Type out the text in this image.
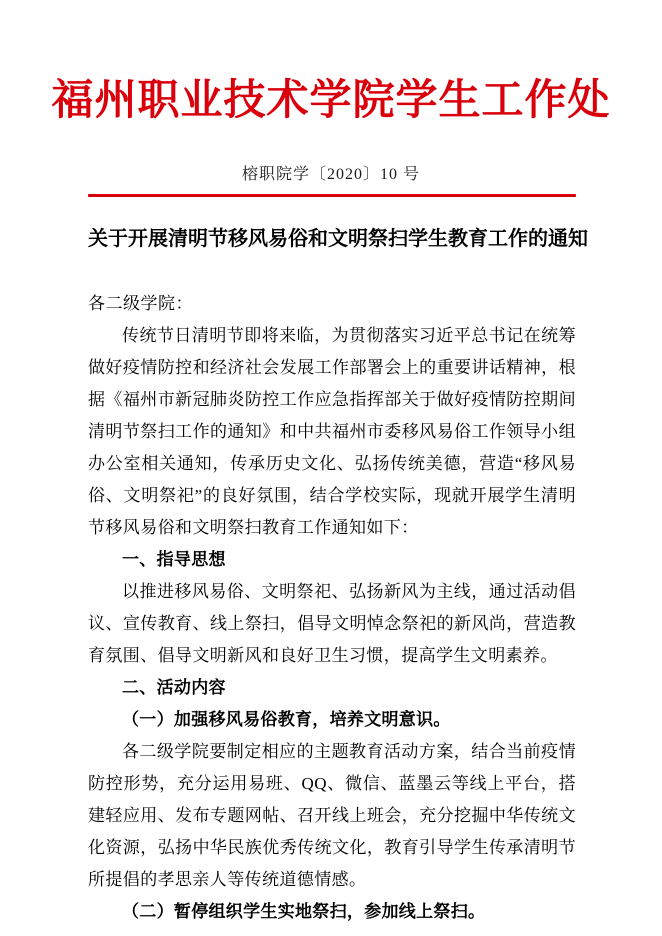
福州职业技术学院学生工作处
榕职院学〔2020〕10 号
关于开展清明节移风易俗和文明祭扫学生教育工作的通知
各二级学院：

传统节日清明节即将来临，为贯彻落实习近平总书记在统筹做好疫情防控和经济社会发展工作部署会上的重要讲话精神，根据《福州市新冠肺炎防控工作应急指挥部关于做好疫情防控期间清明节祭扫工作的通知》和中共福州市委移风易俗工作领导小组办公室相关通知，传承历史文化、弘扬传统美德，营造“移风易俗、文明祭祀”的良好氛围，结合学校实际，现就开展学生清明节移风易俗和文明祭扫教育工作通知如下：

一、指导思想

以推进移风易俗、文明祭祀、弘扬新风为主线，通过活动倡议、宣传教育、线上祭扫，倡导文明悼念祭祀的新风尚，营造教育氛围、倡导文明新风和良好卫生习惯，提高学生文明素养。

二、活动内容

（一）加强移风易俗教育，培养文明意识。

各二级学院要制定相应的主题教育活动方案，结合当前疫情防控形势，充分运用易班、QQ、微信、蓝墨云等线上平台，搭建轻应用、发布专题网帖、召开线上班会，充分挖掘中华传统文化资源，弘扬中华民族优秀传统文化，教育引导学生传承清明节所提倡的孝思亲人等传统道德情感。

（二）暂停组织学生实地祭扫，参加线上祭扫。
